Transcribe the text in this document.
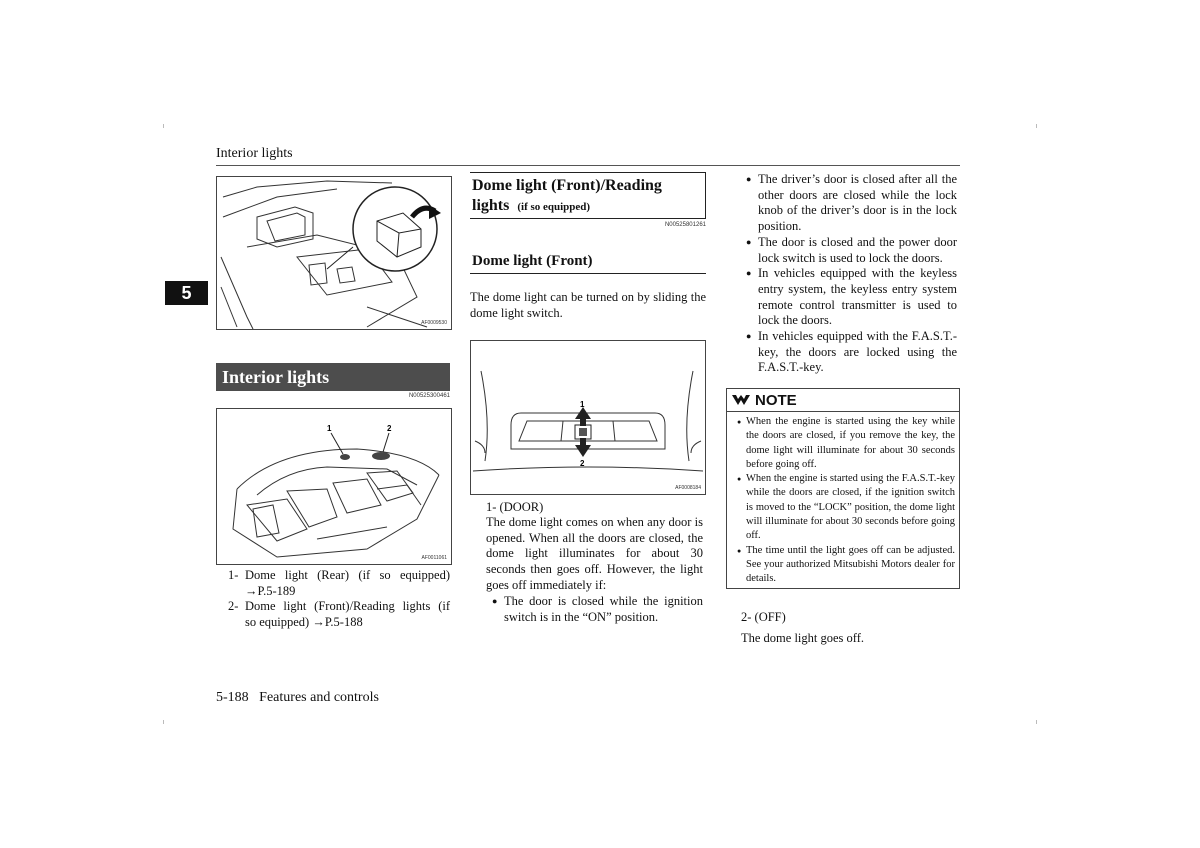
Interior lights
5
AF0009530
Interior lights
N00525300461
1	2
AF0011061
1- Dome light (Rear) (if so equipped)
→P.5-189
2- Dome light (Front)/Reading lights (if
so equipped) →P.5-188
Dome light (Front)/Reading
lights (if so equipped)
N00525801261
Dome light (Front)
The dome light can be turned on by sliding the dome light switch.
1
2
AF0008184
1- (DOOR)
The dome light comes on when any door is opened. When all the doors are closed, the dome light illuminates for about 30 seconds then goes off. However, the light goes off immediately if:
● The door is closed while the ignition switch is in the “ON” position.
● The driver’s door is closed after all the other doors are closed while the lock knob of the driver’s door is in the lock position.
● The door is closed and the power door lock switch is used to lock the doors.
● In vehicles equipped with the keyless entry system, the keyless entry system remote control transmitter is used to lock the doors.
● In vehicles equipped with the F.A.S.T.-key, the doors are locked using the F.A.S.T.-key.
NOTE
● When the engine is started using the key while the doors are closed, if you remove the key, the dome light will illuminate for about 30 seconds before going off.
● When the engine is started using the F.A.S.T.-key while the doors are closed, if the ignition switch is moved to the “LOCK” position, the dome light will illuminate for about 30 seconds before going off.
● The time until the light goes off can be adjusted. See your authorized Mitsubishi Motors dealer for details.
2- (OFF)
The dome light goes off.
5-188 Features and controls
